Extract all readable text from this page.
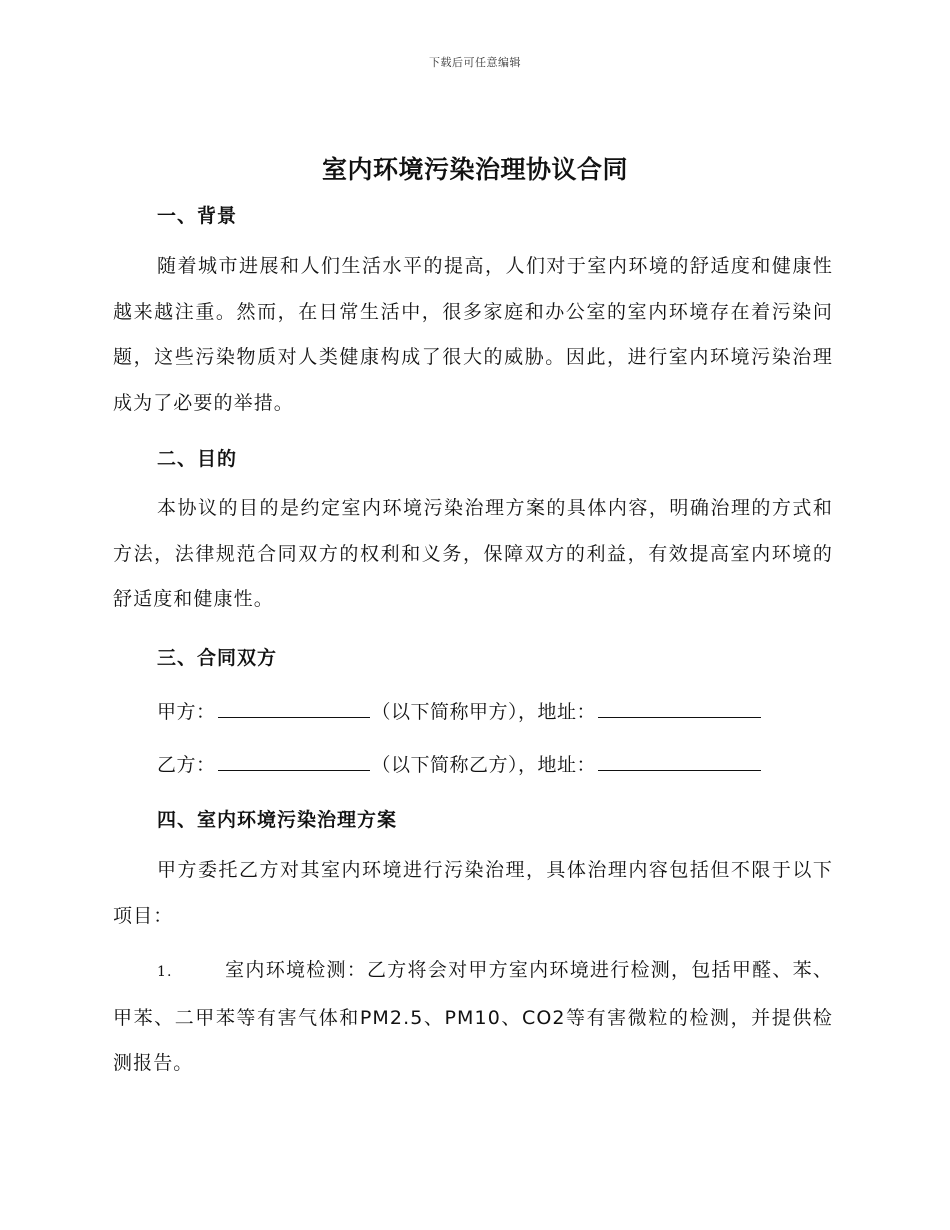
下载后可任意编辑
室内环境污染治理协议合同
一、背景

随着城市进展和人们生活水平的提高，人们对于室内环境的舒适度和健康性越来越注重。然而，在日常生活中，很多家庭和办公室的室内环境存在着污染问题，这些污染物质对人类健康构成了很大的威胁。因此，进行室内环境污染治理成为了必要的举措。

二、目的

本协议的目的是约定室内环境污染治理方案的具体内容，明确治理的方式和方法，法律规范合同双方的权利和义务，保障双方的利益，有效提高室内环境的舒适度和健康性。

三、合同双方
甲方：	（以下简称甲方），地址：
乙方：	（以下简称乙方），地址：
四、室内环境污染治理方案

甲方委托乙方对其室内环境进行污染治理，具体治理内容包括但不限于以下项目：

1.	室内环境检测：乙方将会对甲方室内环境进行检测，包括甲醛、苯、甲苯、二甲苯等有害气体和PM2.5、PM10、CO2等有害微粒的检测，并提供检测报告。
